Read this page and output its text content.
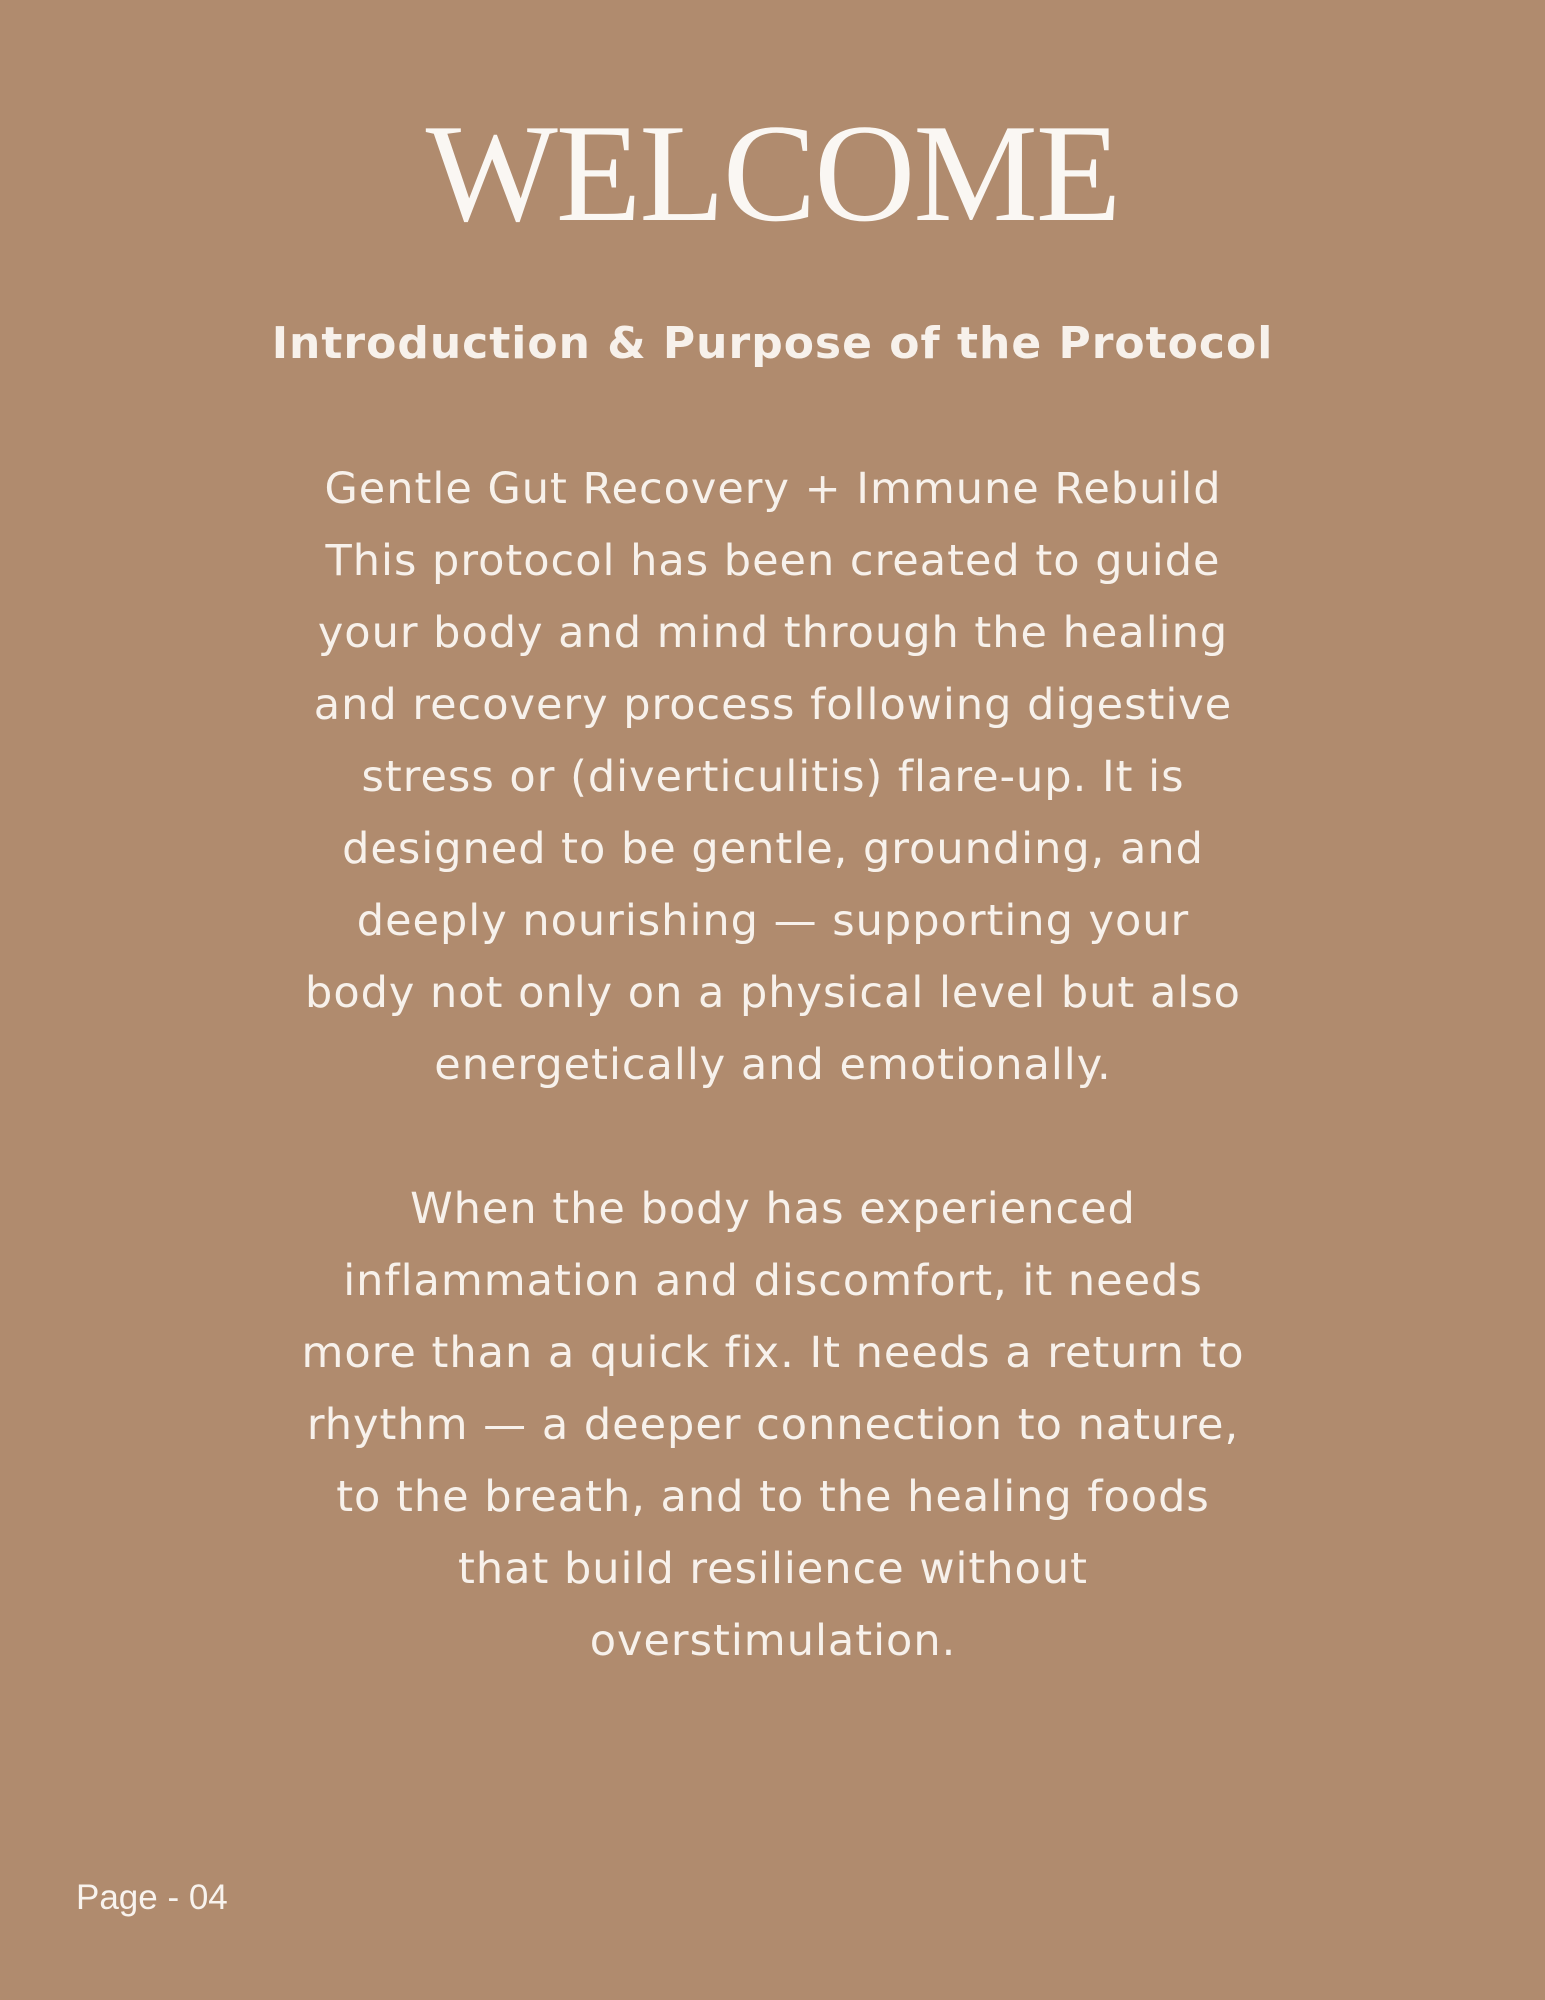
WELCOME
Introduction & Purpose of the Protocol
Gentle Gut Recovery + Immune Rebuild
This protocol has been created to guide
your body and mind through the healing
and recovery process following digestive
stress or (diverticulitis) flare-up. It is
designed to be gentle, grounding, and
deeply nourishing — supporting your
body not only on a physical level but also
energetically and emotionally.
When the body has experienced
inflammation and discomfort, it needs
more than a quick fix. It needs a return to
rhythm — a deeper connection to nature,
to the breath, and to the healing foods
that build resilience without
overstimulation.

Page - 04
